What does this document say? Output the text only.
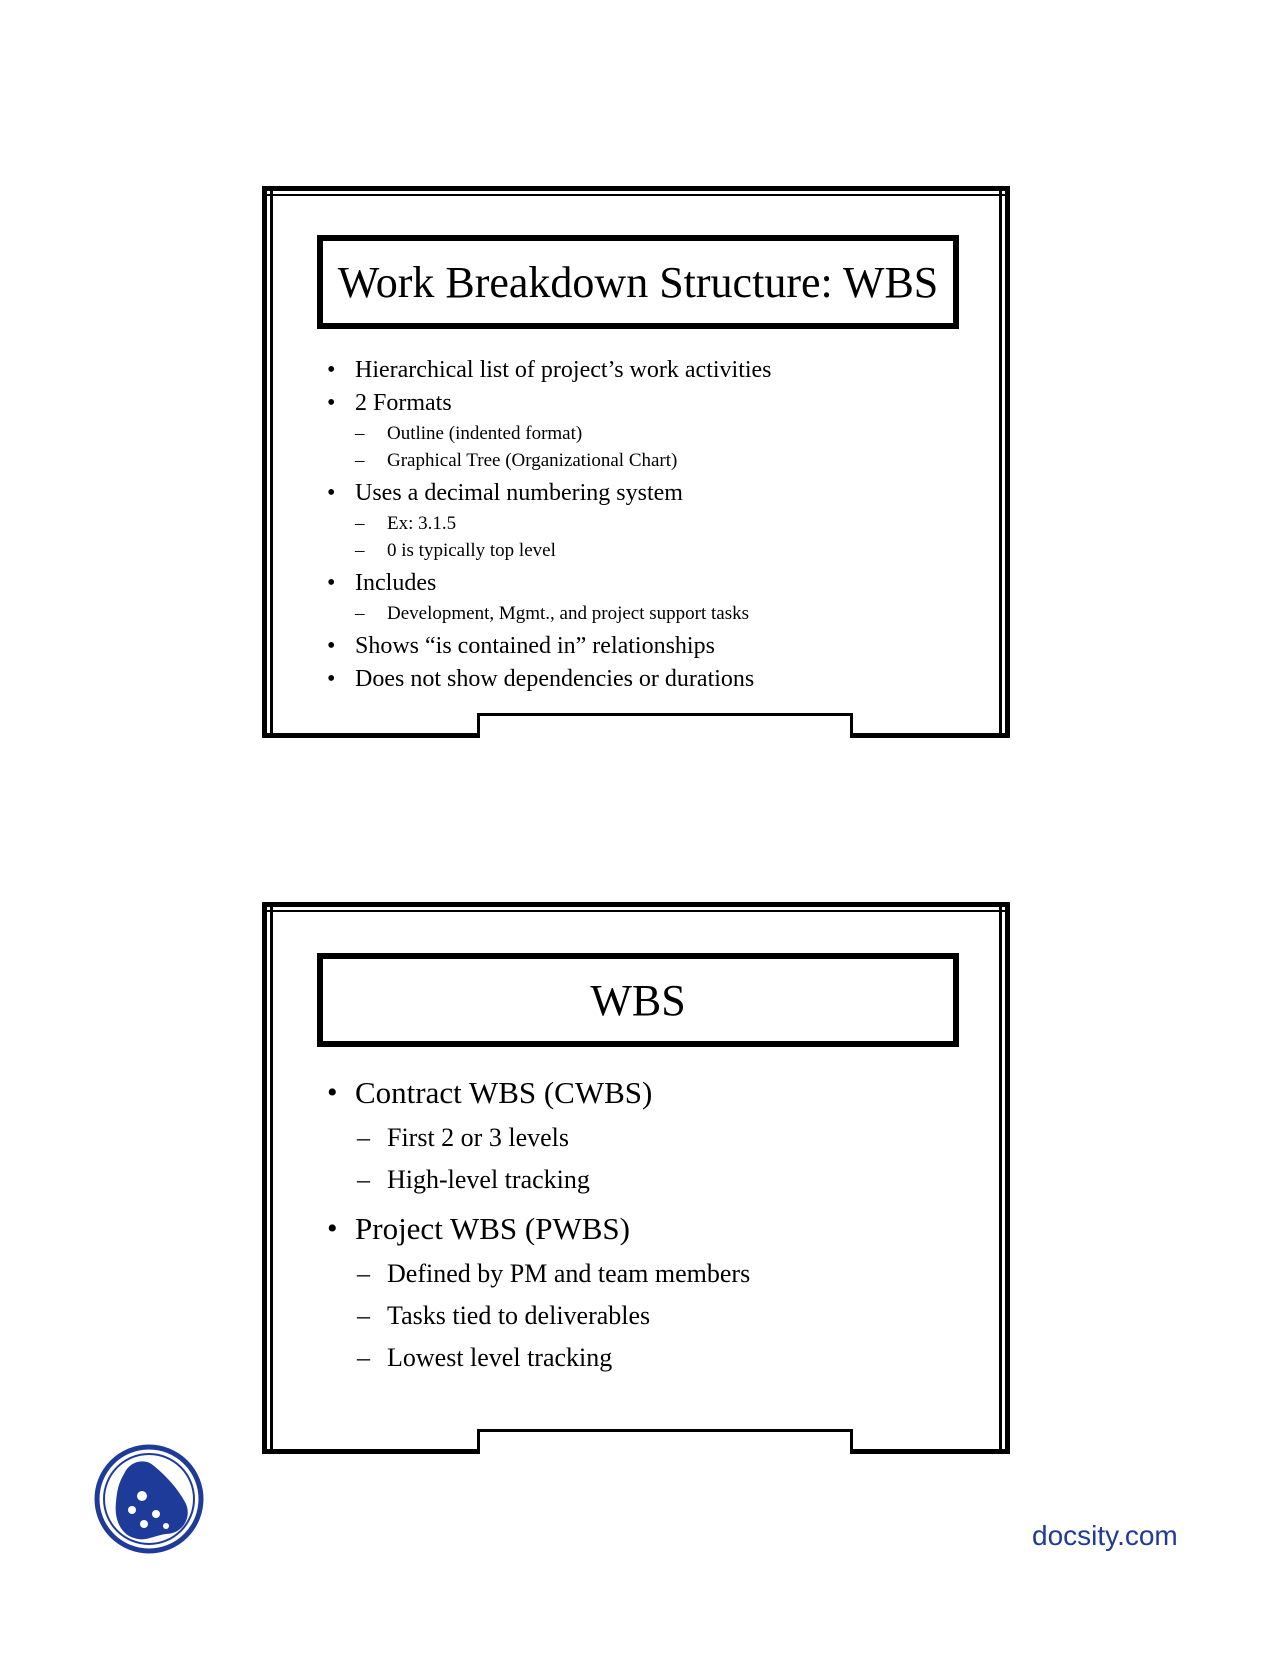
Work Breakdown Structure: WBS
• Hierarchical list of project’s work activities
• 2 Formats
– Outline (indented format)
– Graphical Tree (Organizational Chart)
• Uses a decimal numbering system
– Ex: 3.1.5
– 0 is typically top level
• Includes
– Development, Mgmt., and project support tasks
• Shows “is contained in” relationships
• Does not show dependencies or durations
WBS
• Contract WBS (CWBS)
– First 2 or 3 levels
– High-level tracking
• Project WBS (PWBS)
– Defined by PM and team members
– Tasks tied to deliverables
– Lowest level tracking
docsity.com
